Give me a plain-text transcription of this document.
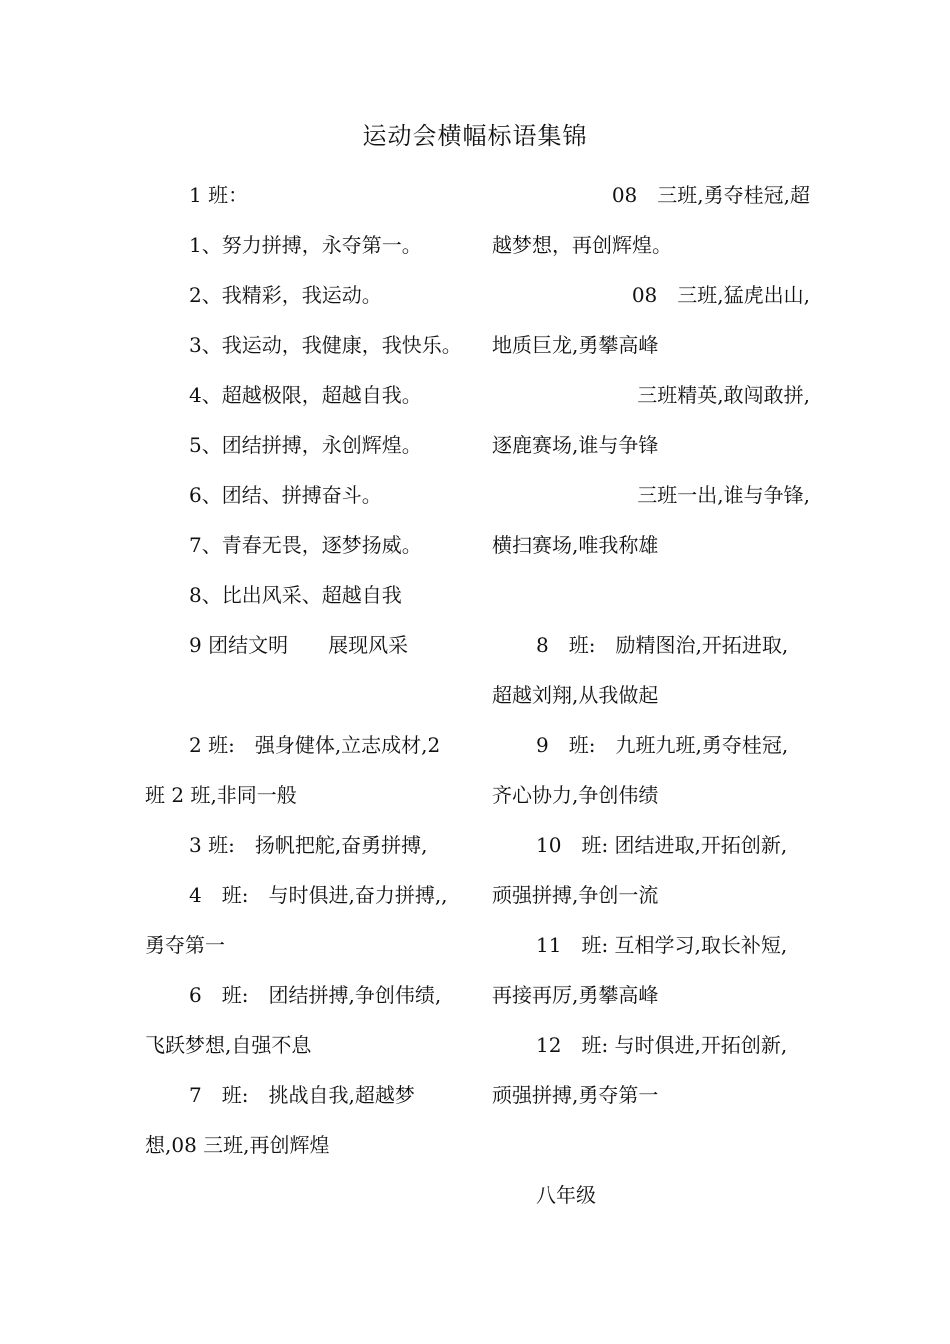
运动会横幅标语集锦
1 班：
1、努力拼搏，永夺第一。
2、我精彩，我运动。
3、我运动，我健康，我快乐。
4、超越极限，超越自我。
5、团结拼搏，永创辉煌。
6、团结、拼搏奋斗。
7、青春无畏，逐梦扬威。
8、比出风采、超越自我
9 团结文明　　展现风采
2 班:　强身健体,立志成材,2
班 2 班,非同一般
3 班:　扬帆把舵,奋勇拼搏,
4　班:　与时俱进,奋力拼搏,,
勇夺第一
6　班:　团结拼搏,争创伟绩,
飞跃梦想,自强不息
7　班:　挑战自我,超越梦
想,08 三班,再创辉煌
08　三班,勇夺桂冠,超
越梦想，再创辉煌。
08　三班,猛虎出山,
地质巨龙,勇攀高峰
三班精英,敢闯敢拼,
逐鹿赛场,谁与争锋
三班一出,谁与争锋,
横扫赛场,唯我称雄
8　班:　励精图治,开拓进取,
超越刘翔,从我做起
9　班:　九班九班,勇夺桂冠,
齐心协力,争创伟绩
10　班: 团结进取,开拓创新,
顽强拼搏,争创一流
11　班: 互相学习,取长补短,
再接再厉,勇攀高峰
12　班: 与时俱进,开拓创新,
顽强拼搏,勇夺第一
八年级
